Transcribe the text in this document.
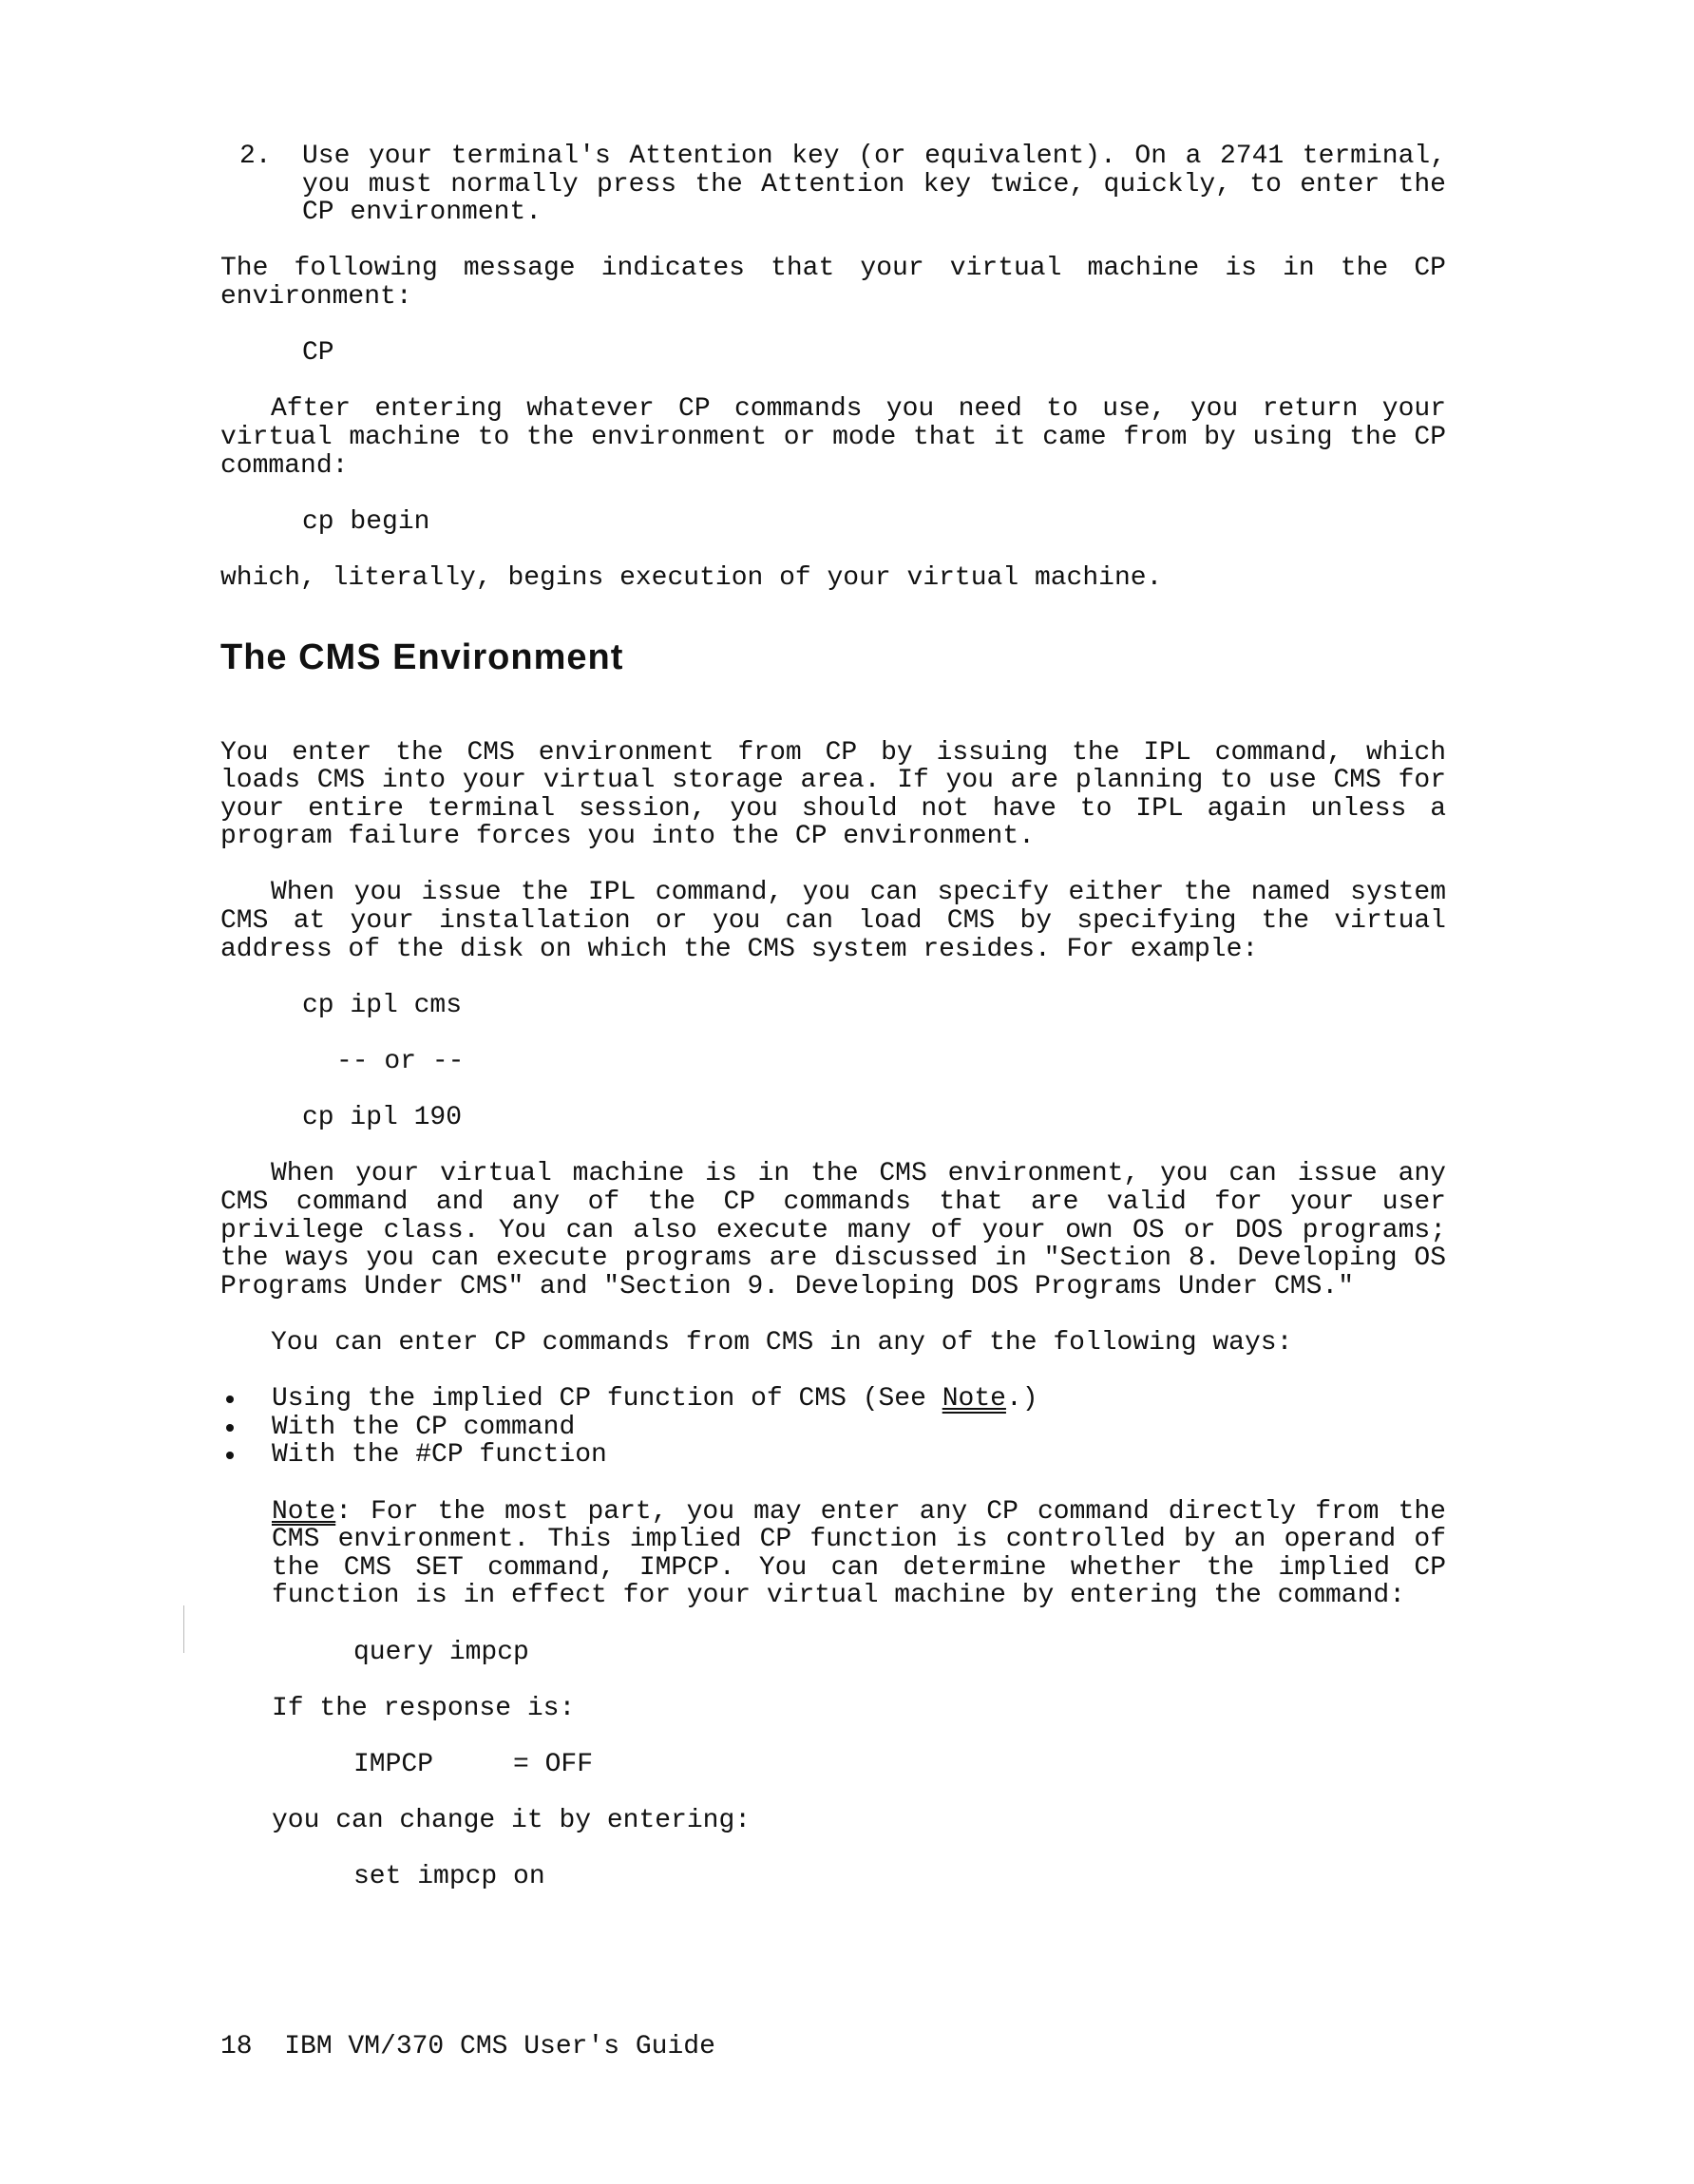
2. Use your terminal's Attention key (or equivalent). On a 2741 terminal, you must normally press the Attention key twice, quickly, to enter the CP environment.

The following message indicates that your virtual machine is in the CP environment:

CP

After entering whatever CP commands you need to use, you return your virtual machine to the environment or mode that it came from by using the CP command:

cp begin

which, literally, begins execution of your virtual machine.

The CMS Environment

You enter the CMS environment from CP by issuing the IPL command, which loads CMS into your virtual storage area. If you are planning to use CMS for your entire terminal session, you should not have to IPL again unless a program failure forces you into the CP environment.

When you issue the IPL command, you can specify either the named system CMS at your installation or you can load CMS by specifying the virtual address of the disk on which the CMS system resides. For example:

cp ipl cms

-- or --

cp ipl 190

When your virtual machine is in the CMS environment, you can issue any CMS command and any of the CP commands that are valid for your user privilege class. You can also execute many of your own OS or DOS programs; the ways you can execute programs are discussed in "Section 8. Developing OS Programs Under CMS" and "Section 9. Developing DOS Programs Under CMS."

You can enter CP commands from CMS in any of the following ways:

Using the implied CP function of CMS (See Note.)
With the CP command
With the #CP function
Note: For the most part, you may enter any CP command directly from the CMS environment. This implied CP function is controlled by an operand of the CMS SET command, IMPCP. You can determine whether the implied CP function is in effect for your virtual machine by entering the command:

query impcp

If the response is:

IMPCP     = OFF

you can change it by entering:

set impcp on

18  IBM VM/370 CMS User's Guide
